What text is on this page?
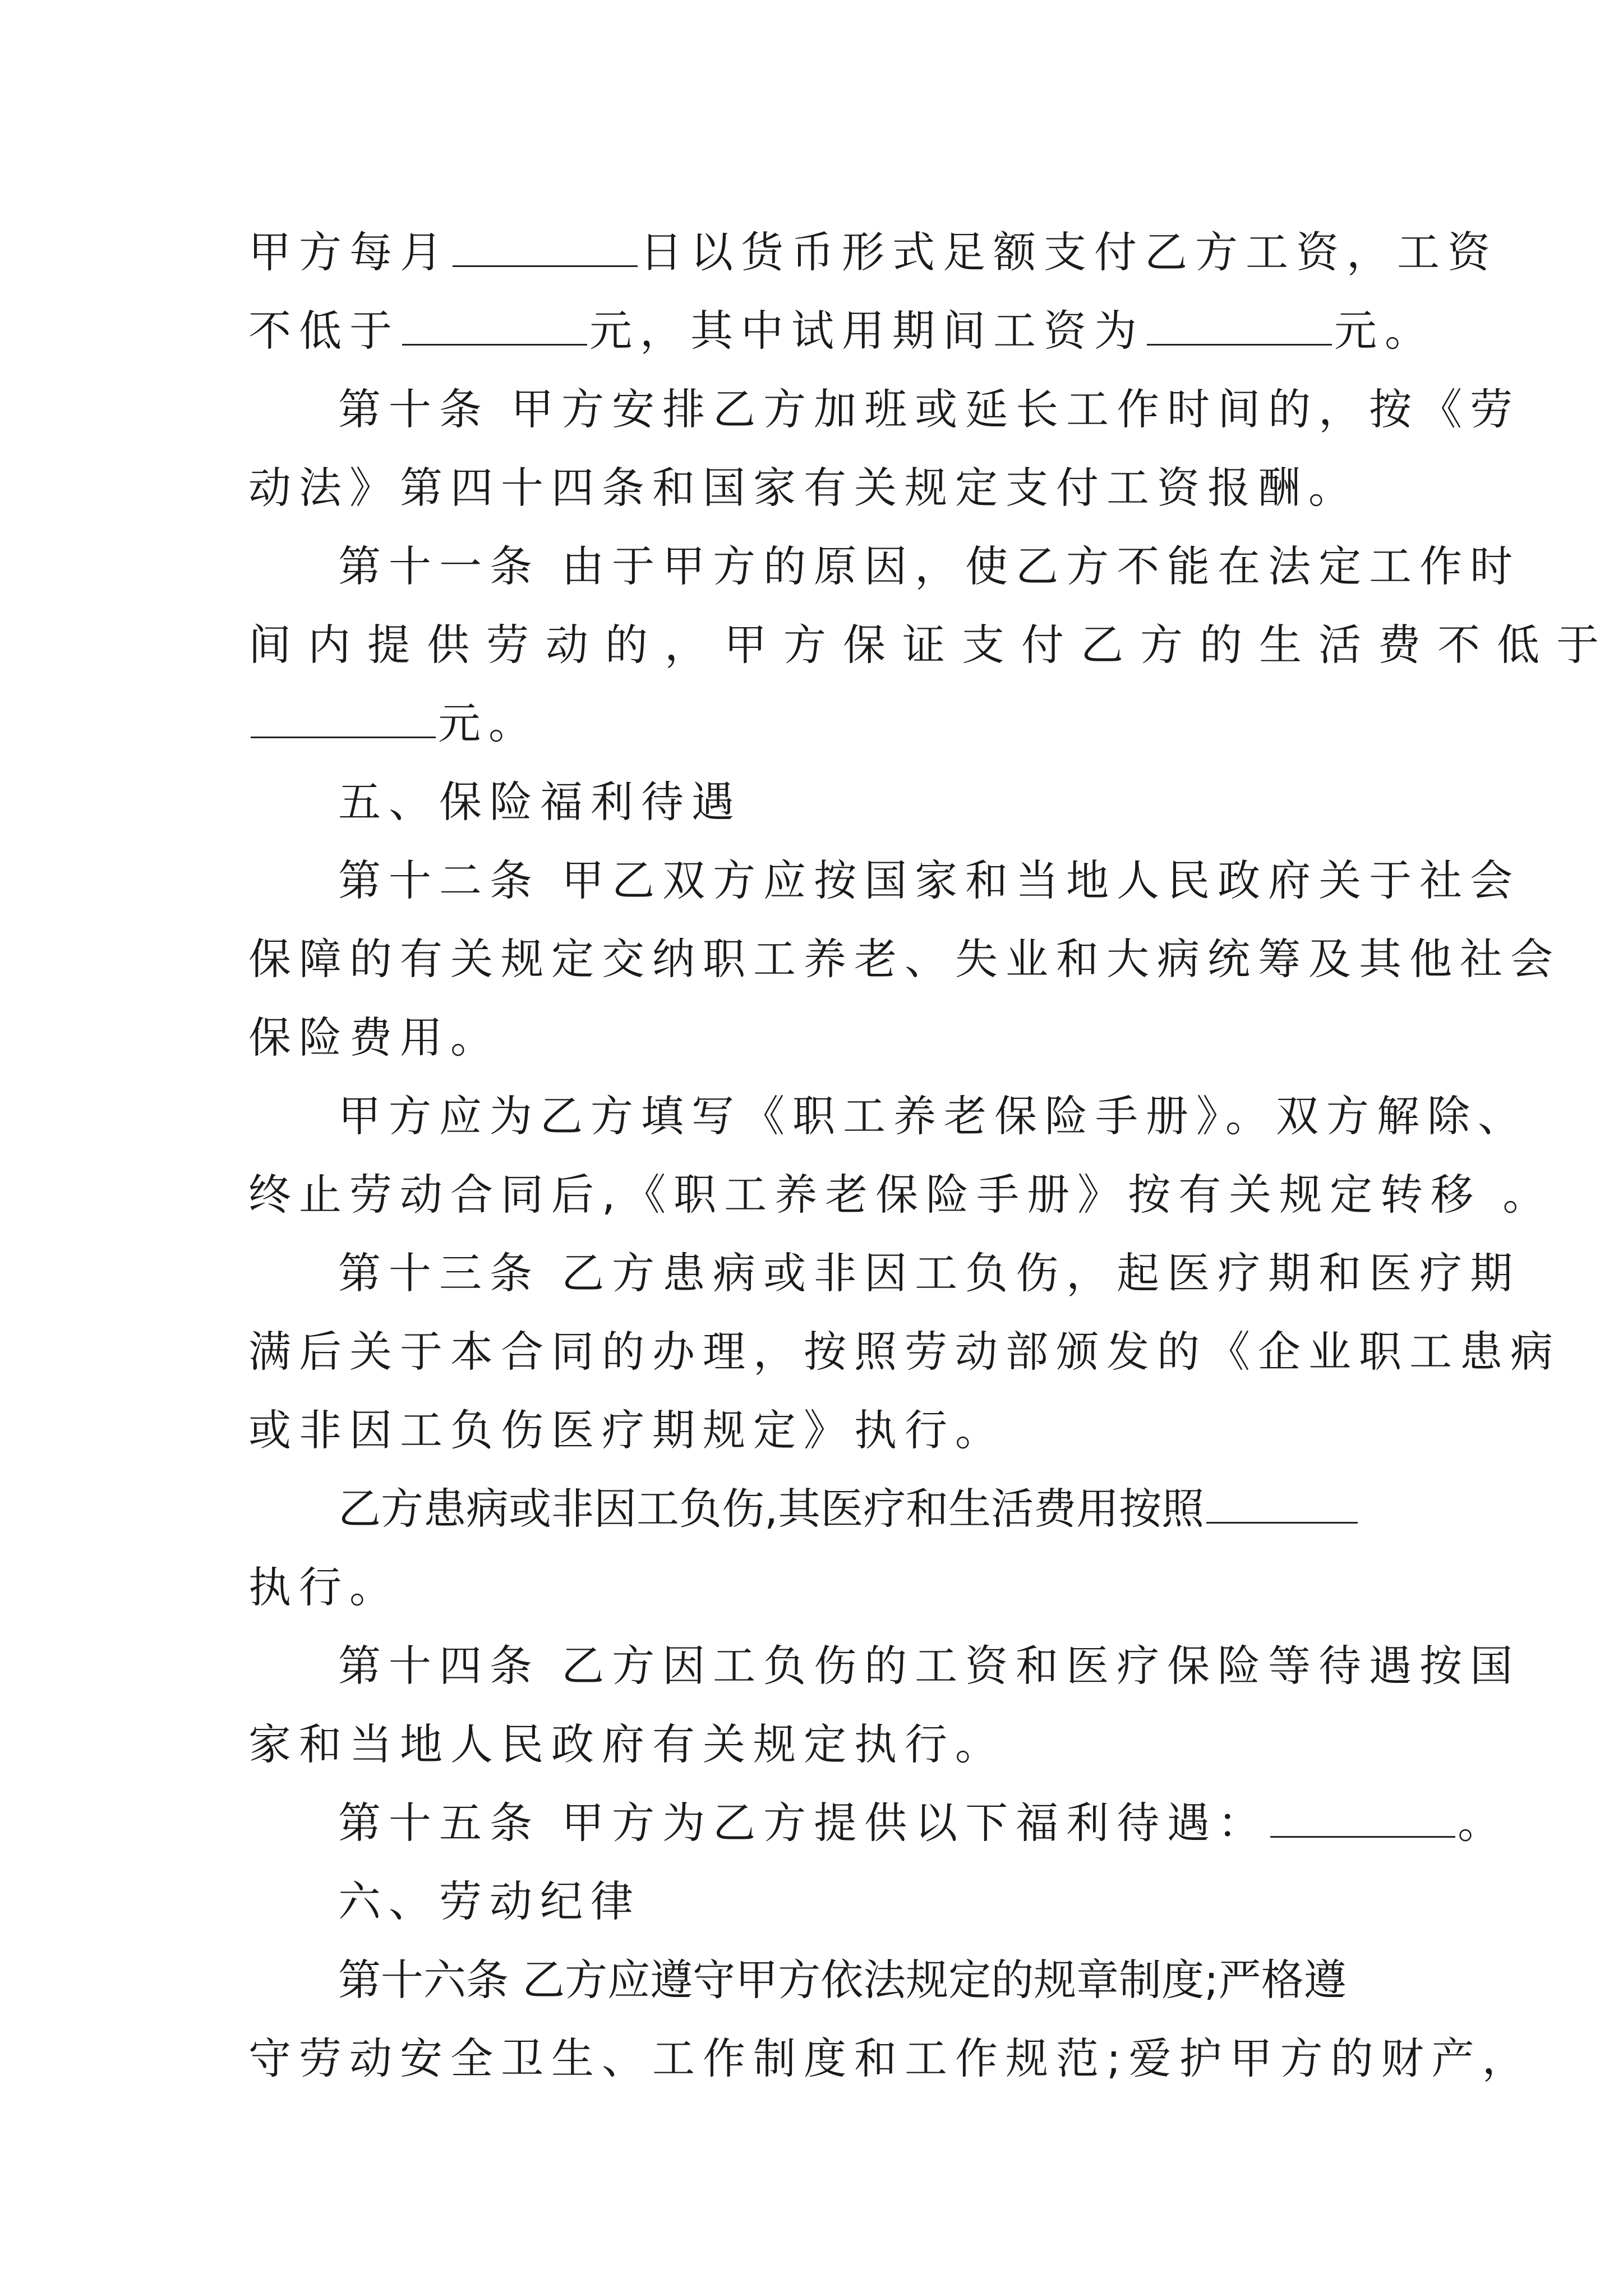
甲方每月	日以货币形式足额支付乙方工资，工资
不低于	元，其中试用期间工资为	元。
第十条 甲方安排乙方加班或延长工作时间的，按《劳
动法》第四十四条和国家有关规定支付工资报酬。
第十一条 由于甲方的原因，使乙方不能在法定工作时
间内提供劳动的，甲方保证支付乙方的生活费不低于
元。
五、保险福利待遇
第十二条 甲乙双方应按国家和当地人民政府关于社会
保障的有关规定交纳职工养老、失业和大病统筹及其他社会
保险费用。
甲方应为乙方填写《职工养老保险手册》。双方解除、
终止劳动合同后,《职工养老保险手册》按有关规定转移 。
第十三条 乙方患病或非因工负伤，起医疗期和医疗期
满后关于本合同的办理，按照劳动部颁发的《企业职工患病
或非因工负伤医疗期规定》执行。
乙方患病或非因工负伤,其医疗和生活费用按照
执行。
第十四条 乙方因工负伤的工资和医疗保险等待遇按国
家和当地人民政府有关规定执行。
第十五条 甲方为乙方提供以下福利待遇：	。
六、劳动纪律
第十六条 乙方应遵守甲方依法规定的规章制度;严格遵
守劳动安全卫生、工作制度和工作规范;爱护甲方的财产，
